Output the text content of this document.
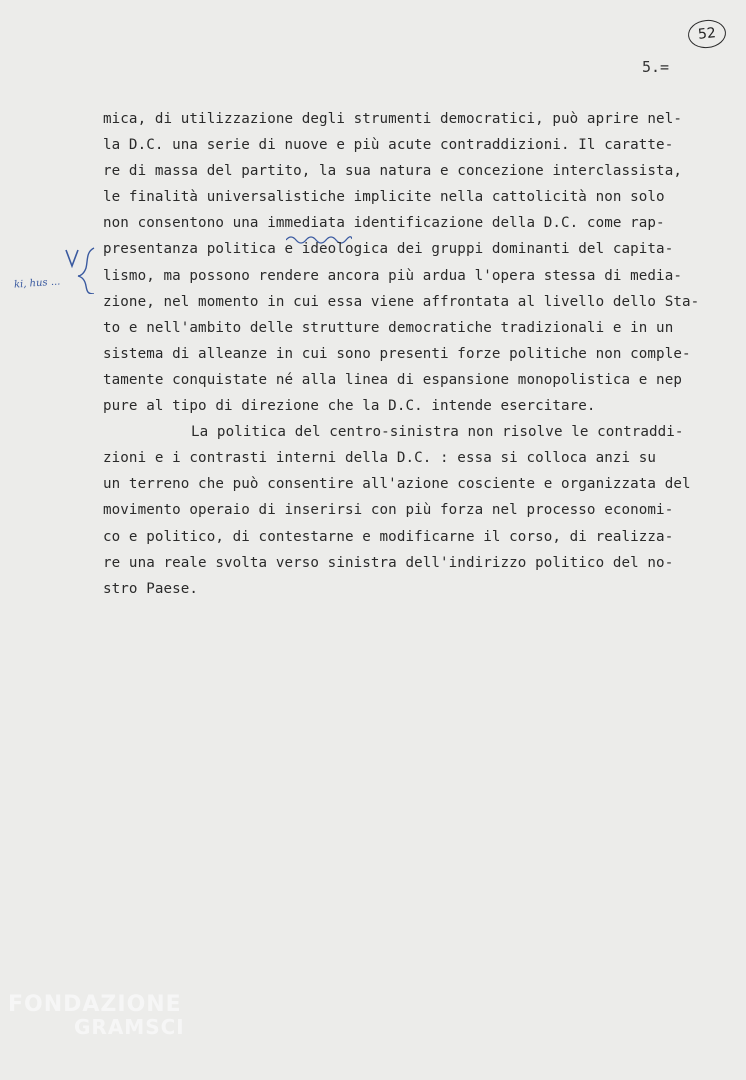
52
5.=
ki, hus ...
mica, di utilizzazione degli strumenti democratici, può aprire nel-
la D.C. una serie di nuove e più acute contraddizioni. Il caratte-
re di massa del partito, la sua natura e concezione interclassista,
le finalità universalistiche implicite nella cattolicità non solo
non consentono una immediata identificazione della D.C. come rap-
presentanza politica e ideologica dei gruppi dominanti del capita-
lismo, ma possono rendere ancora più ardua l'opera stessa di media-
zione, nel momento in cui essa viene affrontata al livello dello Sta-
to e nell'ambito delle strutture democratiche tradizionali e in un
sistema di alleanze in cui sono presenti forze politiche non comple-
tamente conquistate né alla linea di espansione monopolistica e nep
pure al tipo di direzione che la D.C. intende esercitare.
La politica del centro-sinistra non risolve le contraddi-
zioni e i contrasti interni della D.C. : essa si colloca anzi su
un terreno che può consentire all'azione cosciente e organizzata del
movimento operaio di inserirsi con più forza nel processo economi-
co e politico, di contestarne e modificarne il corso, di realizza-
re una reale svolta verso sinistra dell'indirizzo politico del no-
stro Paese.
FONDAZIONE
GRAMSCI
